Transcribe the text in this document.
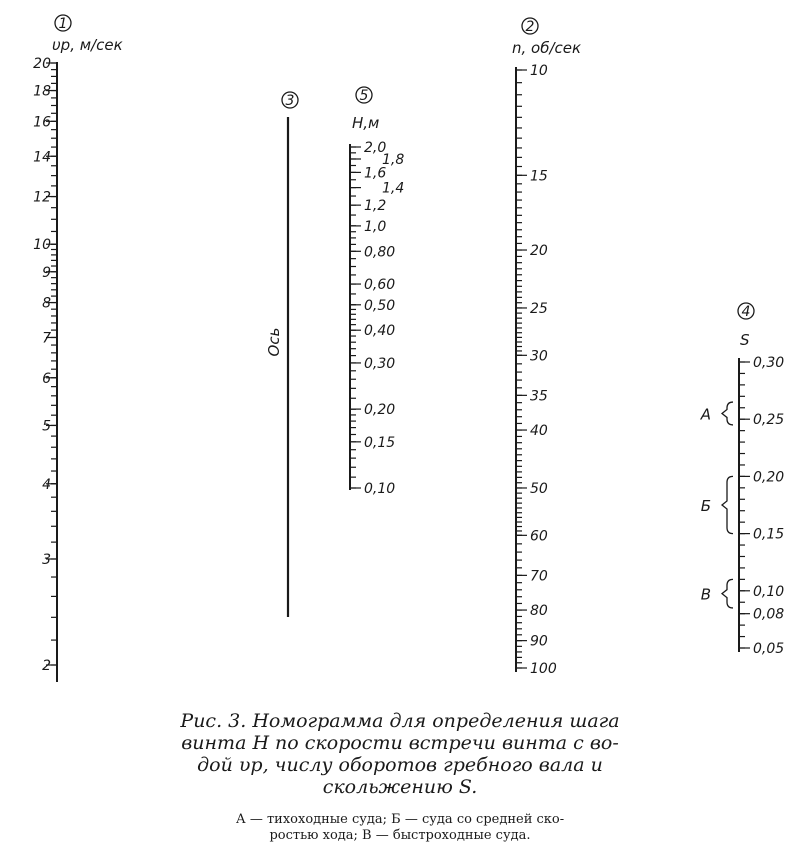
1
υp, м/сек
20
18
16
14
12
10
9
8
7
6
5
4
3
2
3
Ось
5
H,м
2,0
1,8
1,6
1,4
1,2
1,0
0,80
0,60
0,50
0,40
0,30
0,20
0,15
0,10
2
n, об/сек
10
15
20
25
30
35
40
50
60
70
80
90
100
4
S
0,30
0,25
0,20
0,15
0,10
0,08
0,05
А
Б
В
Рис. 3. Номограмма для определения шага
винта H по скорости встречи винта с во-
дой υp, числу оборотов гребного вала и
скольжению S.
А — тихоходные суда; Б — суда со средней ско-
ростью хода; В — быстроходные суда.
